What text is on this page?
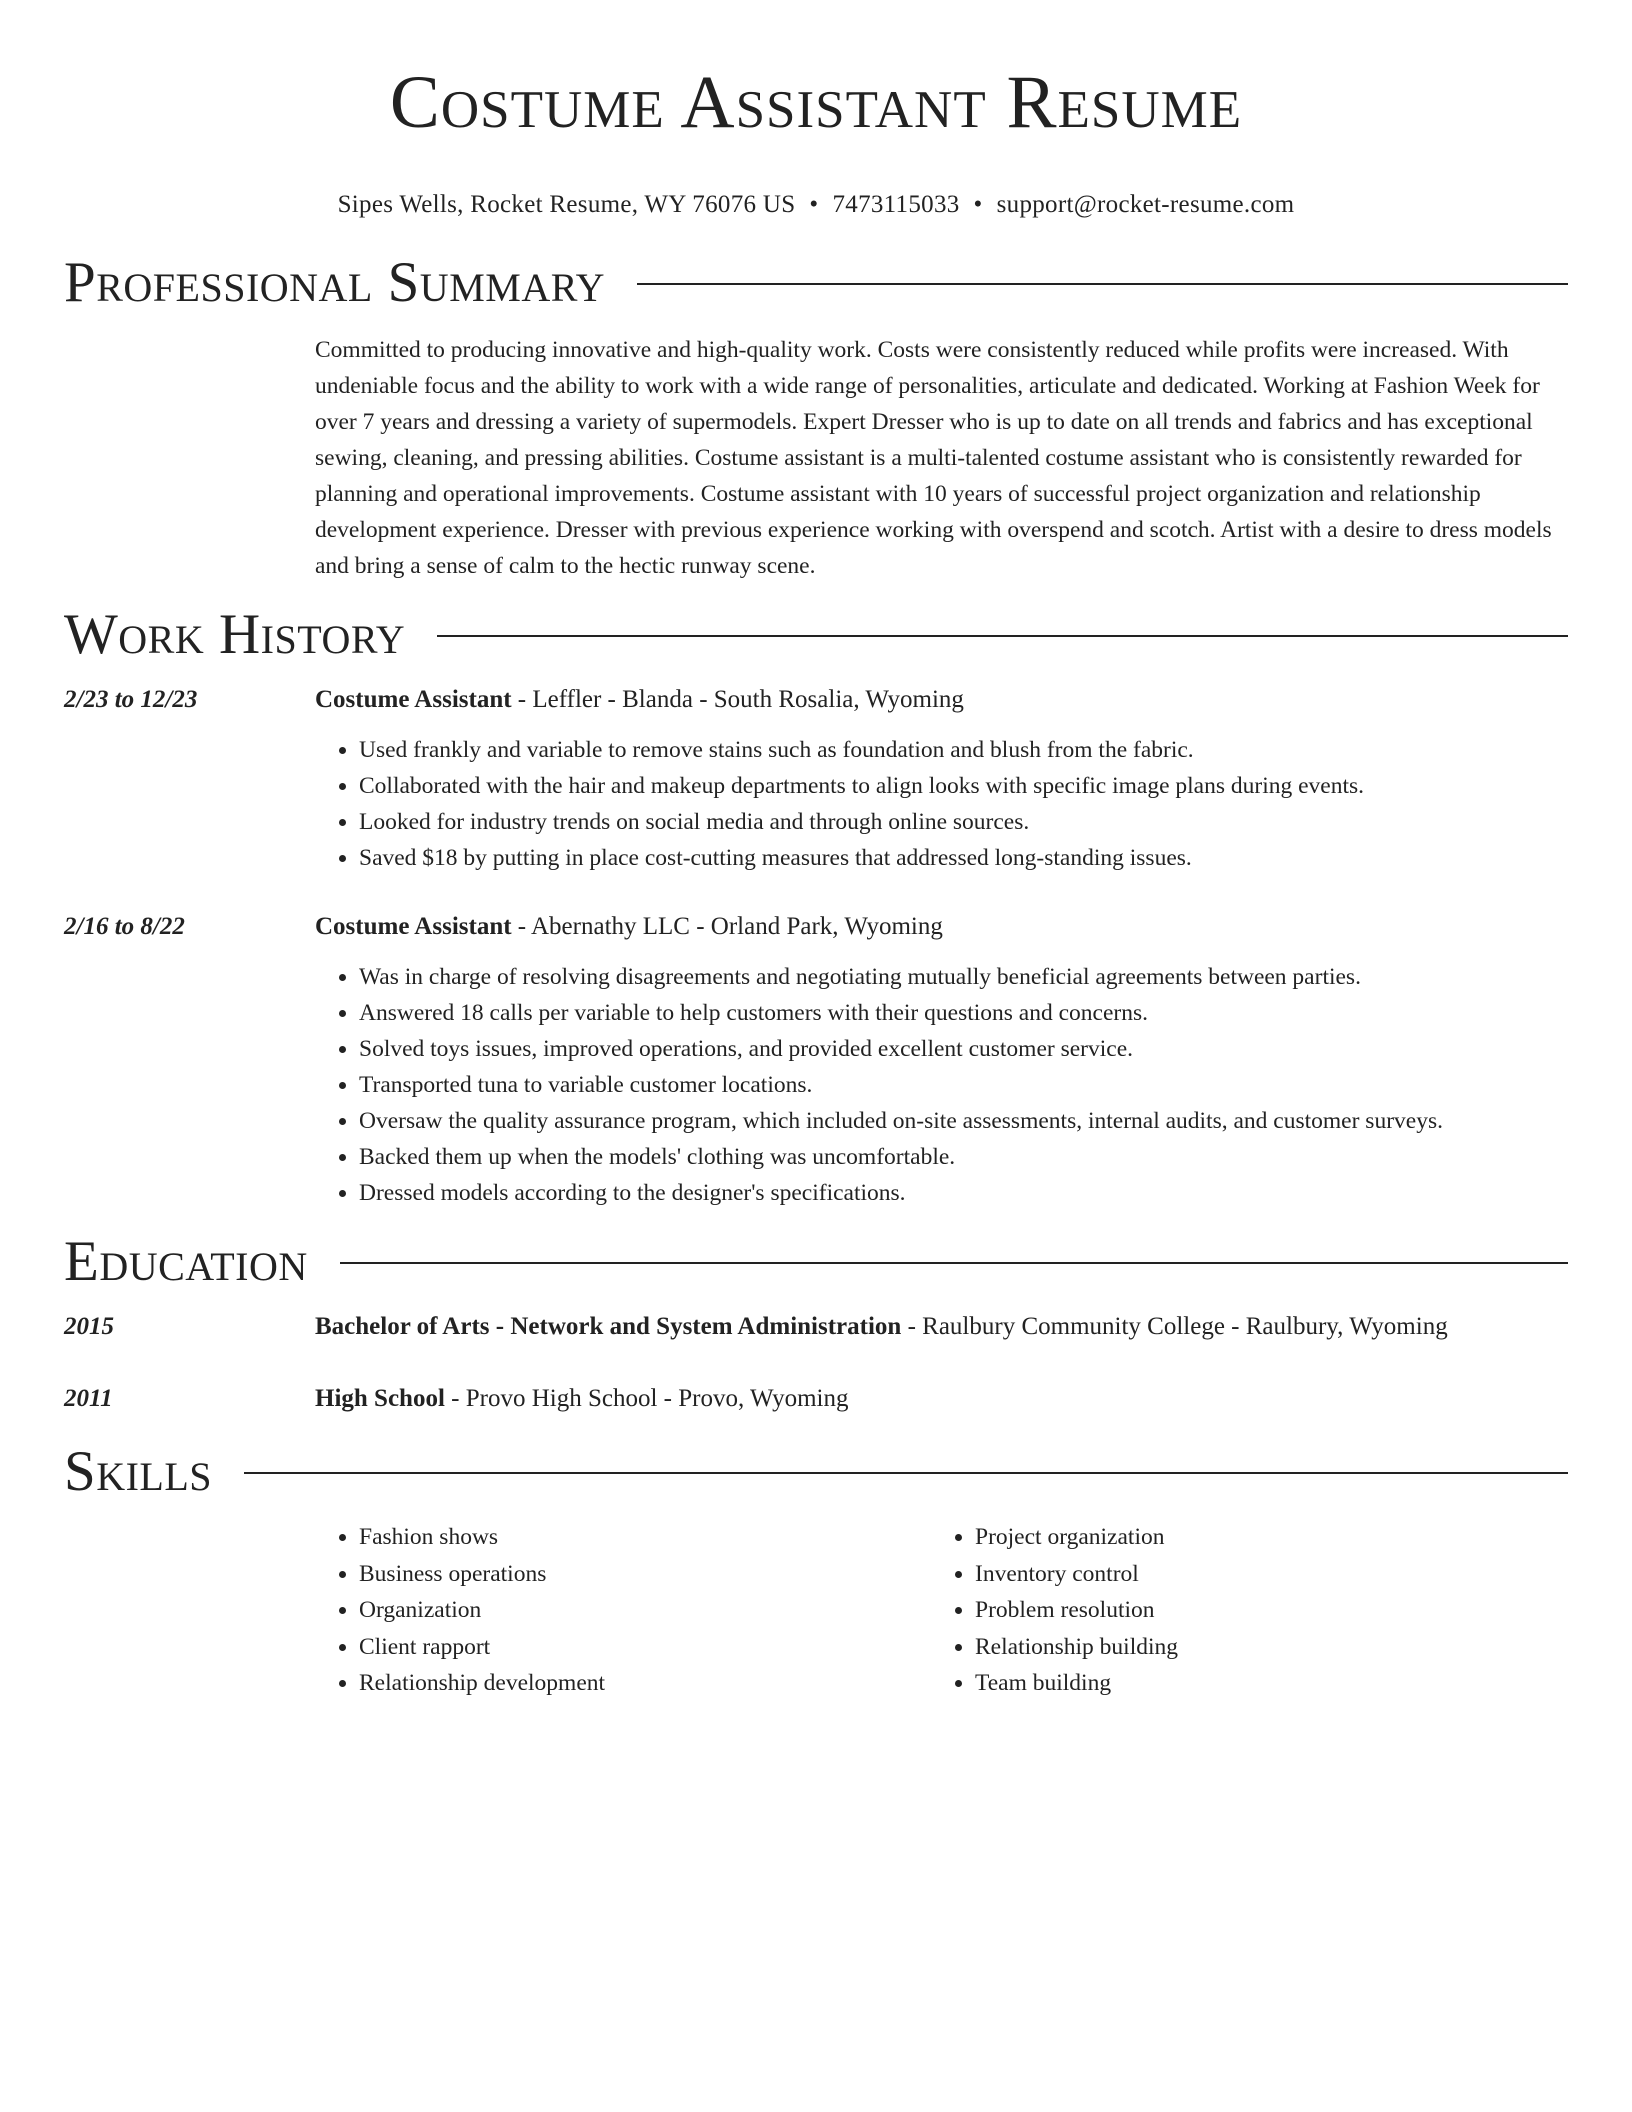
Costume Assistant Resume
Sipes Wells, Rocket Resume, WY 76076 US • 7473115033 • support@rocket-resume.com
Professional Summary
Committed to producing innovative and high-quality work. Costs were consistently reduced while profits were increased. With undeniable focus and the ability to work with a wide range of personalities, articulate and dedicated. Working at Fashion Week for over 7 years and dressing a variety of supermodels. Expert Dresser who is up to date on all trends and fabrics and has exceptional sewing, cleaning, and pressing abilities. Costume assistant is a multi-talented costume assistant who is consistently rewarded for planning and operational improvements. Costume assistant with 10 years of successful project organization and relationship development experience. Dresser with previous experience working with overspend and scotch. Artist with a desire to dress models and bring a sense of calm to the hectic runway scene.
Work History
2/23 to 12/23	Costume Assistant - Leffler - Blanda - South Rosalia, Wyoming
• Used frankly and variable to remove stains such as foundation and blush from the fabric.
• Collaborated with the hair and makeup departments to align looks with specific image plans during events.
• Looked for industry trends on social media and through online sources.
• Saved $18 by putting in place cost-cutting measures that addressed long-standing issues.
2/16 to 8/22	Costume Assistant - Abernathy LLC - Orland Park, Wyoming
• Was in charge of resolving disagreements and negotiating mutually beneficial agreements between parties.
• Answered 18 calls per variable to help customers with their questions and concerns.
• Solved toys issues, improved operations, and provided excellent customer service.
• Transported tuna to variable customer locations.
• Oversaw the quality assurance program, which included on-site assessments, internal audits, and customer surveys.
• Backed them up when the models' clothing was uncomfortable.
• Dressed models according to the designer's specifications.
Education
2015	Bachelor of Arts - Network and System Administration - Raulbury Community College - Raulbury, Wyoming
2011	High School - Provo High School - Provo, Wyoming
Skills
• Fashion shows
• Business operations
• Organization
• Client rapport
• Relationship development
• Project organization
• Inventory control
• Problem resolution
• Relationship building
• Team building
